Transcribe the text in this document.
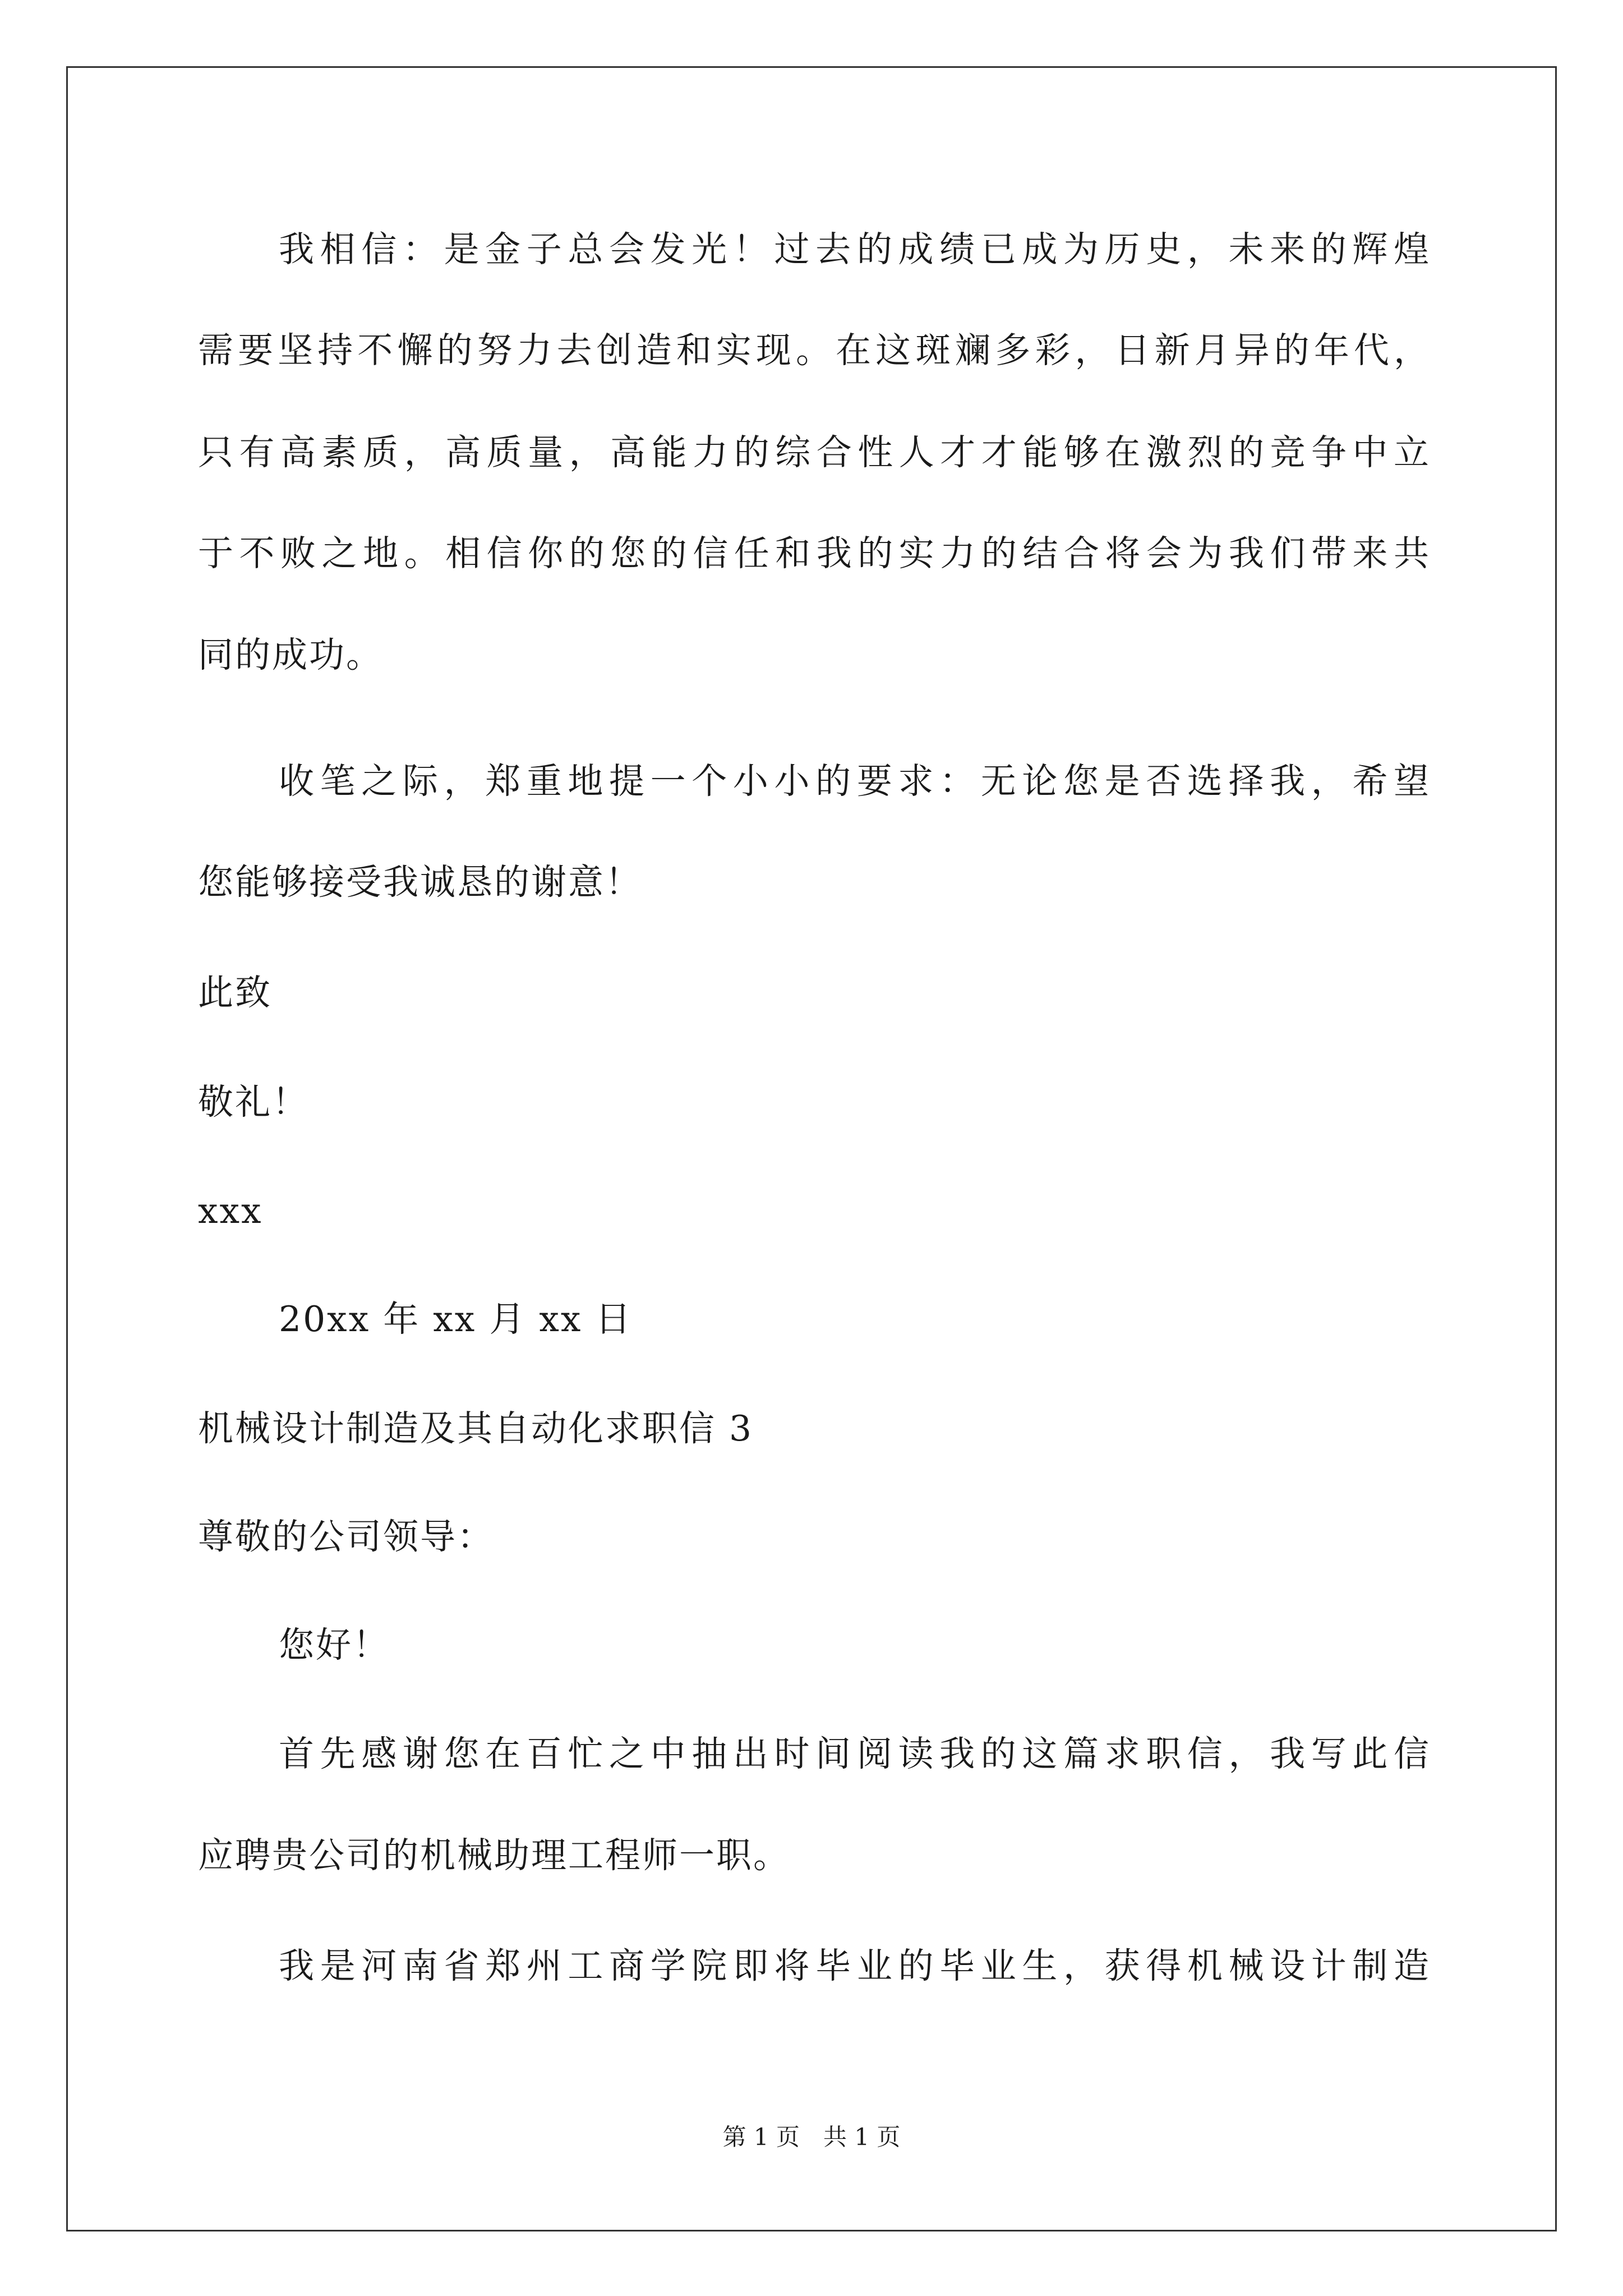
我相信：是金子总会发光！过去的成绩已成为历史，未来的辉煌

需要坚持不懈的努力去创造和实现。在这斑斓多彩，日新月异的年代，

只有高素质，高质量，高能力的综合性人才才能够在激烈的竞争中立

于不败之地。相信你的您的信任和我的实力的结合将会为我们带来共

同的成功。

收笔之际，郑重地提一个小小的要求：无论您是否选择我，希望

您能够接受我诚恳的谢意！

此致

敬礼！

xxx

20xx 年 xx 月 xx 日

机械设计制造及其自动化求职信 3

尊敬的公司领导：

您好！

首先感谢您在百忙之中抽出时间阅读我的这篇求职信，我写此信

应聘贵公司的机械助理工程师一职。

我是河南省郑州工商学院即将毕业的毕业生，获得机械设计制造

第 1 页　共 1 页
